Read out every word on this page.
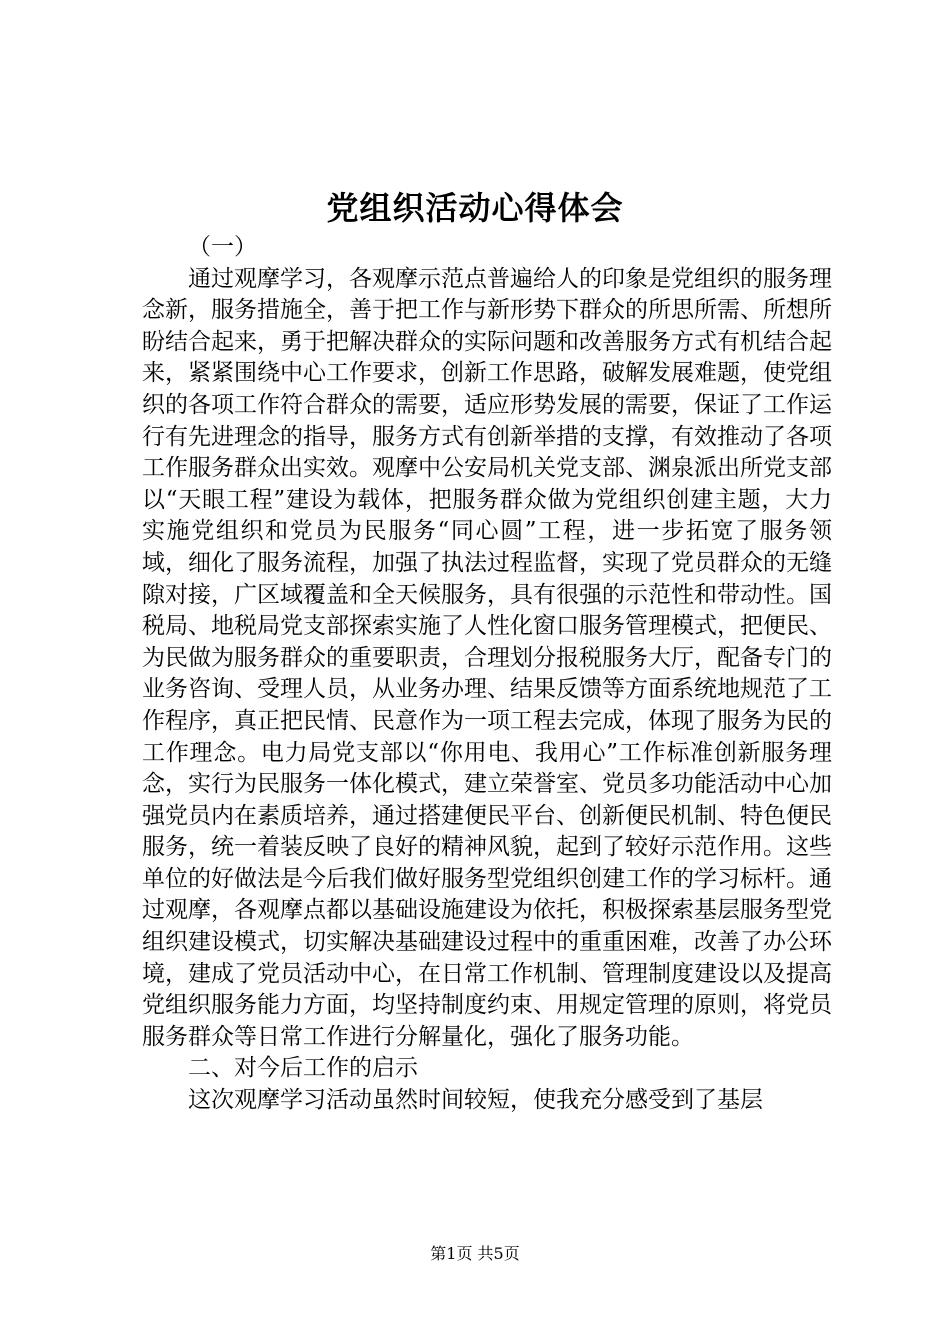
党组织活动心得体会

（一）

通过观摩学习，各观摩示范点普遍给人的印象是党组织的服务理念新，服务措施全，善于把工作与新形势下群众的所思所需、所想所盼结合起来，勇于把解决群众的实际问题和改善服务方式有机结合起来，紧紧围绕中心工作要求，创新工作思路，破解发展难题，使党组织的各项工作符合群众的需要，适应形势发展的需要，保证了工作运行有先进理念的指导，服务方式有创新举措的支撑，有效推动了各项工作服务群众出实效。观摩中公安局机关党支部、渊泉派出所党支部以“天眼工程”建设为载体，把服务群众做为党组织创建主题，大力实施党组织和党员为民服务“同心圆”工程，进一步拓宽了服务领域，细化了服务流程，加强了执法过程监督，实现了党员群众的无缝隙对接，广区域覆盖和全天候服务，具有很强的示范性和带动性。国税局、地税局党支部探索实施了人性化窗口服务管理模式，把便民、为民做为服务群众的重要职责，合理划分报税服务大厅，配备专门的业务咨询、受理人员，从业务办理、结果反馈等方面系统地规范了工作程序，真正把民情、民意作为一项工程去完成，体现了服务为民的工作理念。电力局党支部以“你用电、我用心”工作标准创新服务理念，实行为民服务一体化模式，建立荣誉室、党员多功能活动中心加强党员内在素质培养，通过搭建便民平台、创新便民机制、特色便民服务，统一着装反映了良好的精神风貌，起到了较好示范作用。这些单位的好做法是今后我们做好服务型党组织创建工作的学习标杆。通过观摩，各观摩点都以基础设施建设为依托，积极探索基层服务型党组织建设模式，切实解决基础建设过程中的重重困难，改善了办公环境，建成了党员活动中心，在日常工作机制、管理制度建设以及提高党组织服务能力方面，均坚持制度约束、用规定管理的原则，将党员服务群众等日常工作进行分解量化，强化了服务功能。

二、对今后工作的启示

这次观摩学习活动虽然时间较短，使我充分感受到了基层

第1页 共5页
